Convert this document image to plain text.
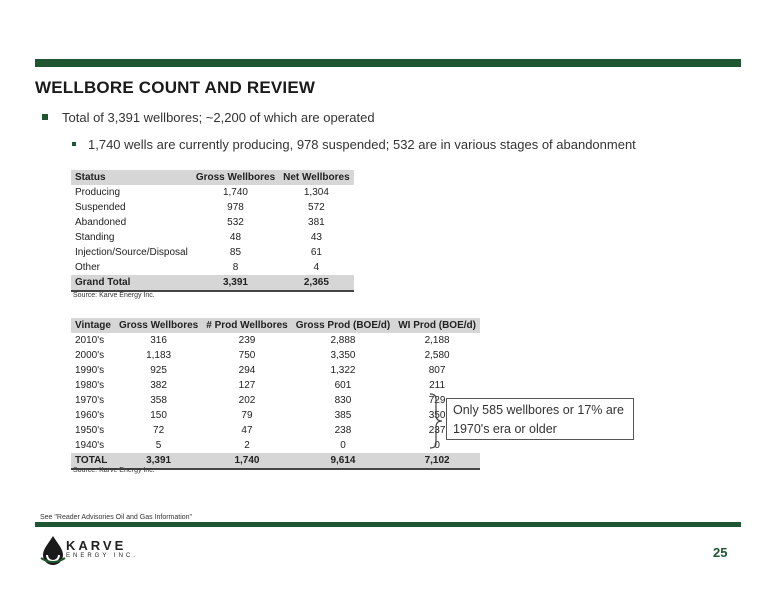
WELLBORE COUNT AND REVIEW
Total of 3,391 wellbores; ~2,200 of which are operated
1,740 wells are currently producing, 978 suspended; 532 are in various stages of abandonment
Status	Gross Wellbores	Net Wellbores
Producing	1,740	1,304
Suspended	978	572
Abandoned	532	381
Standing	48	43
Injection/Source/Disposal	85	61
Other	8	4
Grand Total	3,391	2,365
Source: Karve Energy Inc.
Vintage	Gross Wellbores	# Prod Wellbores	Gross Prod (BOE/d)	WI Prod (BOE/d)
2010's	316	239	2,888	2,188
2000's	1,183	750	3,350	2,580
1990's	925	294	1,322	807
1980's	382	127	601	211
1970's	358	202	830	729
1960's	150	79	385	350
1950's	72	47	238	237
1940's	5	2	0	0
TOTAL	3,391	1,740	9,614	7,102
Source: Karve Energy Inc.
Only 585 wellbores or 17% are 1970's era or older
See "Reader Advisories Oil and Gas Information"
KARVE
ENERGY INC.	25
